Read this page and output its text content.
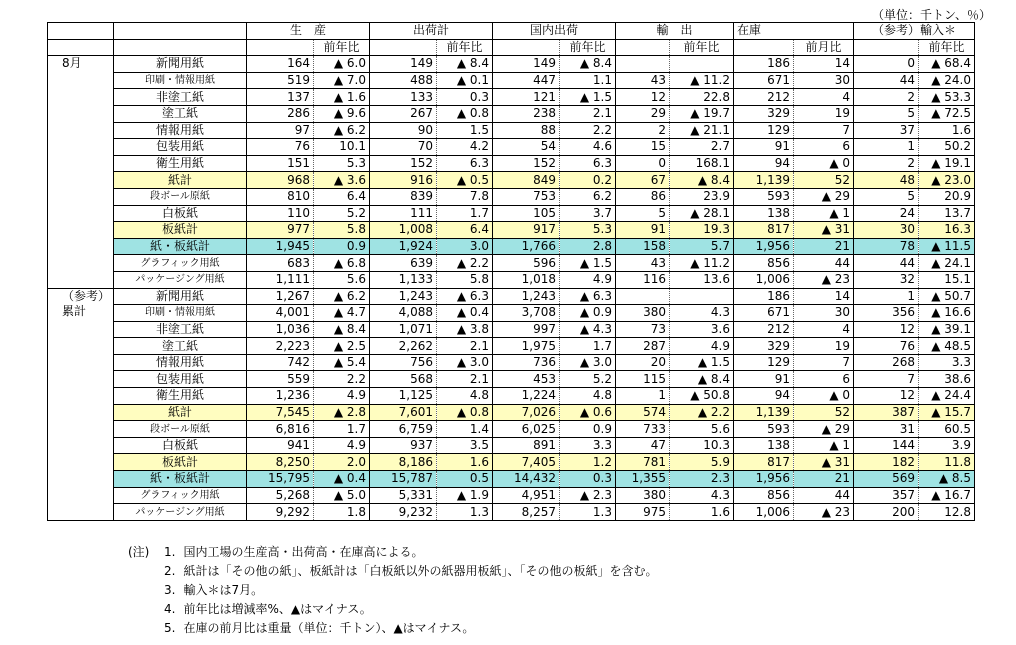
（単位：千トン、％）
		生　産		出荷計		国内出荷		輸　出		在庫		（参考）輸入＊	
			前年比		前年比		前年比		前年比		前月比		前年比
8月	新聞用紙	164	▲ 6.0	149	▲ 8.4	149	▲ 8.4			186	14	0	▲ 68.4
	印刷・情報用紙	519	▲ 7.0	488	▲ 0.1	447	1.1	43	▲ 11.2	671	30	44	▲ 24.0
	非塗工紙	137	▲ 1.6	133	0.3	121	▲ 1.5	12	22.8	212	4	2	▲ 53.3
	塗工紙	286	▲ 9.6	267	▲ 0.8	238	2.1	29	▲ 19.7	329	19	5	▲ 72.5
	情報用紙	97	▲ 6.2	90	1.5	88	2.2	2	▲ 21.1	129	7	37	1.6
	包装用紙	76	10.1	70	4.2	54	4.6	15	2.7	91	6	1	50.2
	衛生用紙	151	5.3	152	6.3	152	6.3	0	168.1	94	▲ 0	2	▲ 19.1
	紙計	968	▲ 3.6	916	▲ 0.5	849	0.2	67	▲ 8.4	1,139	52	48	▲ 23.0
	段ボール原紙	810	6.4	839	7.8	753	6.2	86	23.9	593	▲ 29	5	20.9
	白板紙	110	5.2	111	1.7	105	3.7	5	▲ 28.1	138	▲ 1	24	13.7
	板紙計	977	5.8	1,008	6.4	917	5.3	91	19.3	817	▲ 31	30	16.3
	紙・板紙計	1,945	0.9	1,924	3.0	1,766	2.8	158	5.7	1,956	21	78	▲ 11.5
	グラフィック用紙	683	▲ 6.8	639	▲ 2.2	596	▲ 1.5	43	▲ 11.2	856	44	44	▲ 24.1
	パッケージング用紙	1,111	5.6	1,133	5.8	1,018	4.9	116	13.6	1,006	▲ 23	32	15.1
（参考）
累計	新聞用紙	1,267	▲ 6.2	1,243	▲ 6.3	1,243	▲ 6.3			186	14	1	▲ 50.7
	印刷・情報用紙	4,001	▲ 4.7	4,088	▲ 0.4	3,708	▲ 0.9	380	4.3	671	30	356	▲ 16.6
	非塗工紙	1,036	▲ 8.4	1,071	▲ 3.8	997	▲ 4.3	73	3.6	212	4	12	▲ 39.1
	塗工紙	2,223	▲ 2.5	2,262	2.1	1,975	1.7	287	4.9	329	19	76	▲ 48.5
	情報用紙	742	▲ 5.4	756	▲ 3.0	736	▲ 3.0	20	▲ 1.5	129	7	268	3.3
	包装用紙	559	2.2	568	2.1	453	5.2	115	▲ 8.4	91	6	7	38.6
	衛生用紙	1,236	4.9	1,125	4.8	1,224	4.8	1	▲ 50.8	94	▲ 0	12	▲ 24.4
	紙計	7,545	▲ 2.8	7,601	▲ 0.8	7,026	▲ 0.6	574	▲ 2.2	1,139	52	387	▲ 15.7
	段ボール原紙	6,816	1.7	6,759	1.4	6,025	0.9	733	5.6	593	▲ 29	31	60.5
	白板紙	941	4.9	937	3.5	891	3.3	47	10.3	138	▲ 1	144	3.9
	板紙計	8,250	2.0	8,186	1.6	7,405	1.2	781	5.9	817	▲ 31	182	11.8
	紙・板紙計	15,795	▲ 0.4	15,787	0.5	14,432	0.3	1,355	2.3	1,956	21	569	▲ 8.5
	グラフィック用紙	5,268	▲ 5.0	5,331	▲ 1.9	4,951	▲ 2.3	380	4.3	856	44	357	▲ 16.7
	パッケージング用紙	9,292	1.8	9,232	1.3	8,257	1.3	975	1.6	1,006	▲ 23	200	12.8
(注) 1. 国内工場の生産高・出荷高・在庫高による。
2. 紙計は「その他の紙」、板紙計は「白板紙以外の紙器用板紙」、「その他の板紙」を含む。
3. 輸入＊は7月。
4. 前年比は増減率%、▲はマイナス。
5. 在庫の前月比は重量（単位：千トン）、▲はマイナス。
